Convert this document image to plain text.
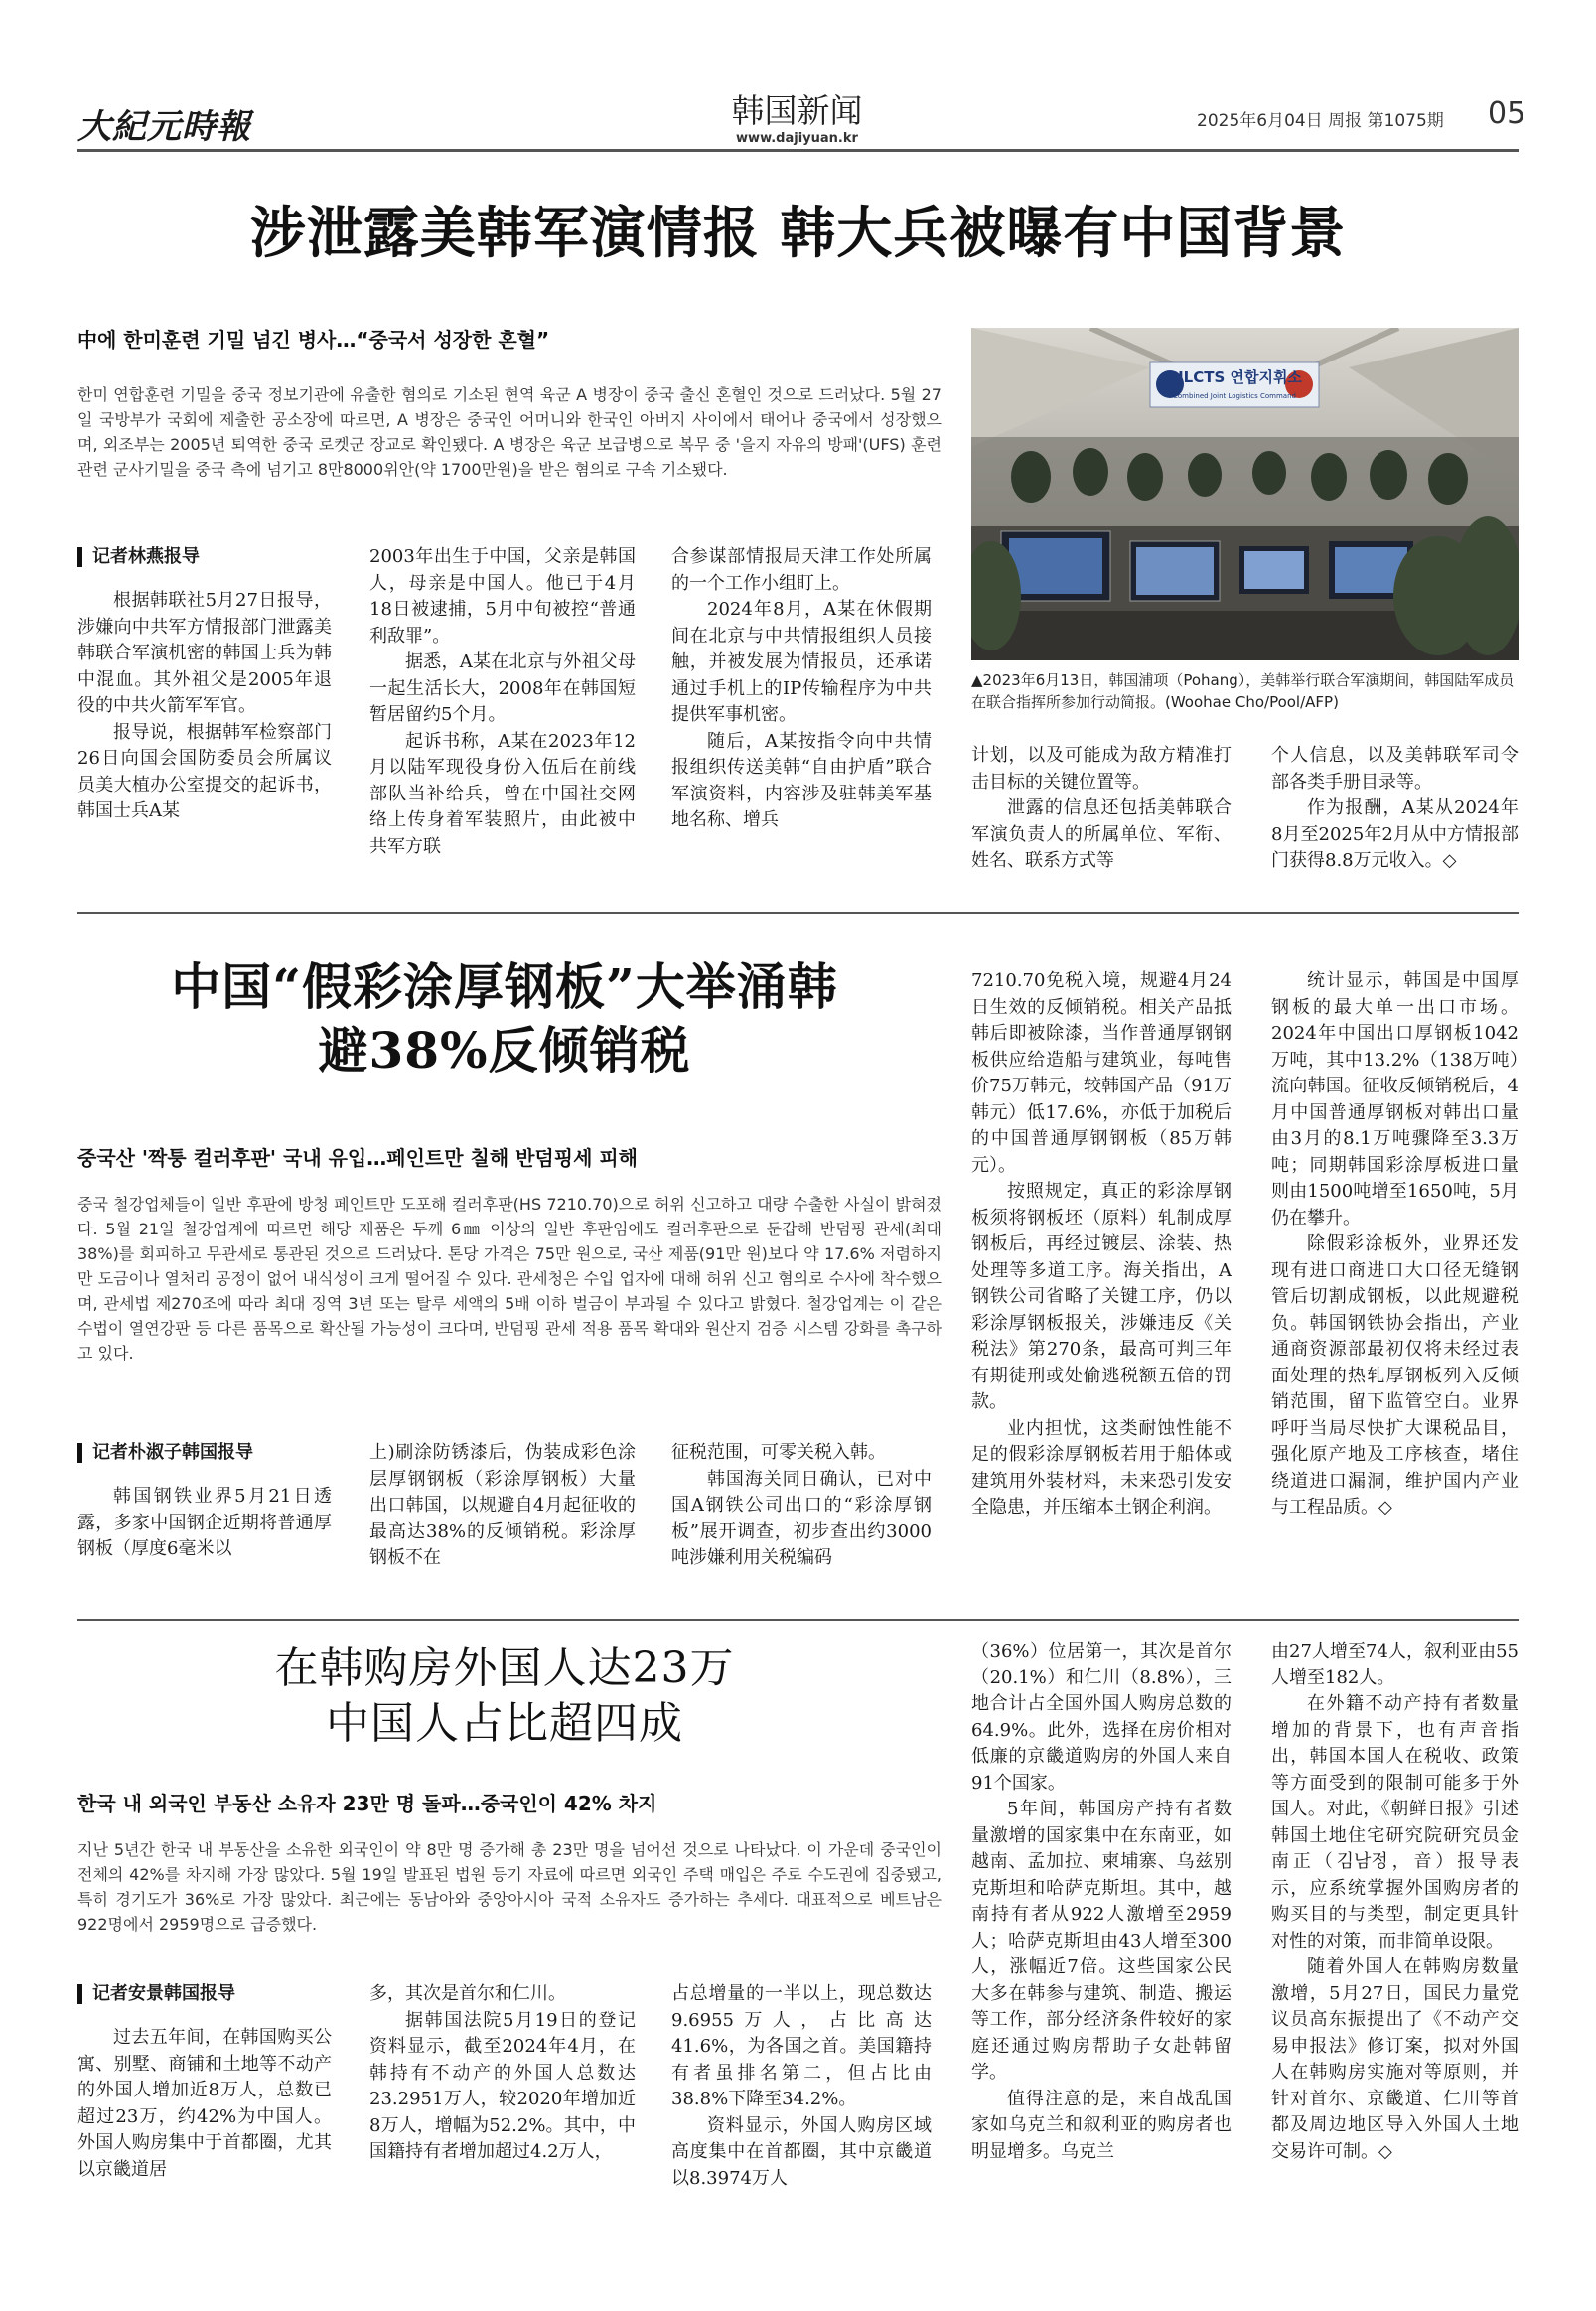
大紀元時報	韩国新闻
www.dajiyuan.kr
2025年6月04日 周报 第1075期 05
涉泄露美韩军演情报 韩大兵被曝有中国背景
中에 한미훈련 기밀 넘긴 병사…“중국서 성장한 혼혈”
한미 연합훈련 기밀을 중국 정보기관에 유출한 혐의로 기소된 현역 육군 A 병장이 중국 출신 혼혈인 것으로 드러났다. 5월 27일 국방부가 국회에 제출한 공소장에 따르면, A 병장은 중국인 어머니와 한국인 아버지 사이에서 태어나 중국에서 성장했으며, 외조부는 2005년 퇴역한 중국 로켓군 장교로 확인됐다. A 병장은 육군 보급병으로 복무 중 '을지 자유의 방패'(UFS) 훈련 관련 군사기밀을 중국 측에 넘기고 8만8000위안(약 1700만원)을 받은 혐의로 구속 기소됐다.
CJLCTS 연합지휘소
Combined Joint Logistics Command
▲2023年6月13日，韩国浦项（Pohang），美韩举行联合军演期间，韩国陆军成员在联合指挥所参加行动简报。(Woohae Cho/Pool/AFP)
记者林燕报导

根据韩联社5月27日报导，涉嫌向中共军方情报部门泄露美韩联合军演机密的韩国士兵为韩中混血。其外祖父是2005年退役的中共火箭军军官。

报导说，根据韩军检察部门26日向国会国防委员会所属议员美大植办公室提交的起诉书，韩国士兵A某

2003年出生于中国，父亲是韩国人，母亲是中国人。他已于4月18日被逮捕，5月中旬被控“普通利敌罪”。

据悉，A某在北京与外祖父母一起生活长大，2008年在韩国短暂居留约5个月。

起诉书称，A某在2023年12月以陆军现役身份入伍后在前线部队当补给兵，曾在中国社交网络上传身着军装照片，由此被中共军方联

合参谋部情报局天津工作处所属的一个工作小组盯上。

2024年8月，A某在休假期间在北京与中共情报组织人员接触，并被发展为情报员，还承诺通过手机上的IP传输程序为中共提供军事机密。

随后，A某按指令向中共情报组织传送美韩“自由护盾”联合军演资料，内容涉及驻韩美军基地名称、增兵

计划，以及可能成为敌方精准打击目标的关键位置等。

泄露的信息还包括美韩联合军演负责人的所属单位、军衔、姓名、联系方式等

个人信息，以及美韩联军司令部各类手册目录等。

作为报酬，A某从2024年8月至2025年2月从中方情报部门获得8.8万元收入。◇

中国“假彩涂厚钢板”大举涌韩
避38%反倾销税
중국산 '짝퉁 컬러후판' 국내 유입…페인트만 칠해 반덤핑세 피해
중국 철강업체들이 일반 후판에 방청 페인트만 도포해 컬러후판(HS 7210.70)으로 허위 신고하고 대량 수출한 사실이 밝혀졌다. 5월 21일 철강업계에 따르면 해당 제품은 두께 6㎜ 이상의 일반 후판임에도 컬러후판으로 둔갑해 반덤핑 관세(최대 38%)를 회피하고 무관세로 통관된 것으로 드러났다. 톤당 가격은 75만 원으로, 국산 제품(91만 원)보다 약 17.6% 저렴하지만 도금이나 열처리 공정이 없어 내식성이 크게 떨어질 수 있다. 관세청은 수입 업자에 대해 허위 신고 혐의로 수사에 착수했으며, 관세법 제270조에 따라 최대 징역 3년 또는 탈루 세액의 5배 이하 벌금이 부과될 수 있다고 밝혔다. 철강업계는 이 같은 수법이 열연강판 등 다른 품목으로 확산될 가능성이 크다며, 반덤핑 관세 적용 품목 확대와 원산지 검증 시스템 강화를 촉구하고 있다.
记者朴淑子韩国报导

韩国钢铁业界5月21日透露，多家中国钢企近期将普通厚钢板（厚度6毫米以

上)刷涂防锈漆后，伪装成彩色涂层厚钢钢板（彩涂厚钢板）大量出口韩国，以规避自4月起征收的最高达38%的反倾销税。彩涂厚钢板不在

征税范围，可零关税入韩。

韩国海关同日确认，已对中国A钢铁公司出口的“彩涂厚钢板”展开调查，初步查出约3000吨涉嫌利用关税编码

7210.70免税入境，规避4月24日生效的反倾销税。相关产品抵韩后即被除漆，当作普通厚钢钢板供应给造船与建筑业，每吨售价75万韩元，较韩国产品（91万韩元）低17.6%，亦低于加税后的中国普通厚钢钢板（85万韩元）。

按照规定，真正的彩涂厚钢板须将钢板坯（原料）轧制成厚钢板后，再经过镀层、涂装、热处理等多道工序。海关指出，A钢铁公司省略了关键工序，仍以彩涂厚钢板报关，涉嫌违反《关税法》第270条，最高可判三年有期徒刑或处偷逃税额五倍的罚款。

业内担忧，这类耐蚀性能不足的假彩涂厚钢板若用于船体或建筑用外装材料，未来恐引发安全隐患，并压缩本土钢企利润。

统计显示，韩国是中国厚钢板的最大单一出口市场。2024年中国出口厚钢板1042万吨，其中13.2%（138万吨）流向韩国。征收反倾销税后，4月中国普通厚钢板对韩出口量由3月的8.1万吨骤降至3.3万吨；同期韩国彩涂厚板进口量则由1500吨增至1650吨，5月仍在攀升。

除假彩涂板外，业界还发现有进口商进口大口径无缝钢管后切割成钢板，以此规避税负。韩国钢铁协会指出，产业通商资源部最初仅将未经过表面处理的热轧厚钢板列入反倾销范围，留下监管空白。业界呼吁当局尽快扩大课税品目，强化原产地及工序核查，堵住绕道进口漏洞，维护国内产业与工程品质。◇

在韩购房外国人达23万
中国人占比超四成
한국 내 외국인 부동산 소유자 23만 명 돌파…중국인이 42% 차지
지난 5년간 한국 내 부동산을 소유한 외국인이 약 8만 명 증가해 총 23만 명을 넘어선 것으로 나타났다. 이 가운데 중국인이 전체의 42%를 차지해 가장 많았다. 5월 19일 발표된 법원 등기 자료에 따르면 외국인 주택 매입은 주로 수도권에 집중됐고, 특히 경기도가 36%로 가장 많았다. 최근에는 동남아와 중앙아시아 국적 소유자도 증가하는 추세다. 대표적으로 베트남은 922명에서 2959명으로 급증했다.
记者安景韩国报导

过去五年间，在韩国购买公寓、别墅、商铺和土地等不动产的外国人增加近8万人，总数已超过23万，约42%为中国人。外国人购房集中于首都圈，尤其以京畿道居

多，其次是首尔和仁川。

据韩国法院5月19日的登记资料显示，截至2024年4月，在韩持有不动产的外国人总数达23.2951万人，较2020年增加近8万人，增幅为52.2%。其中，中国籍持有者增加超过4.2万人，

占总增量的一半以上，现总数达9.6955万人，占比高达41.6%，为各国之首。美国籍持有者虽排名第二，但占比由38.8%下降至34.2%。

资料显示，外国人购房区域高度集中在首都圈，其中京畿道以8.3974万人

（36%）位居第一，其次是首尔（20.1%）和仁川（8.8%），三地合计占全国外国人购房总数的64.9%。此外，选择在房价相对低廉的京畿道购房的外国人来自91个国家。

5年间，韩国房产持有者数量激增的国家集中在东南亚，如越南、孟加拉、柬埔寨、乌兹别克斯坦和哈萨克斯坦。其中，越南持有者从922人激增至2959人；哈萨克斯坦由43人增至300人，涨幅近7倍。这些国家公民大多在韩参与建筑、制造、搬运等工作，部分经济条件较好的家庭还通过购房帮助子女赴韩留学。

值得注意的是，来自战乱国家如乌克兰和叙利亚的购房者也明显增多。乌克兰

由27人增至74人，叙利亚由55人增至182人。

在外籍不动产持有者数量增加的背景下，也有声音指出，韩国本国人在税收、政策等方面受到的限制可能多于外国人。对此，《朝鲜日报》引述韩国土地住宅研究院研究员金南正（김남정，音）报导表示，应系统掌握外国购房者的购买目的与类型，制定更具针对性的对策，而非简单设限。

随着外国人在韩购房数量激增，5月27日，国民力量党议员高东振提出了《不动产交易申报法》修订案，拟对外国人在韩购房实施对等原则，并针对首尔、京畿道、仁川等首都及周边地区导入外国人土地交易许可制。◇
